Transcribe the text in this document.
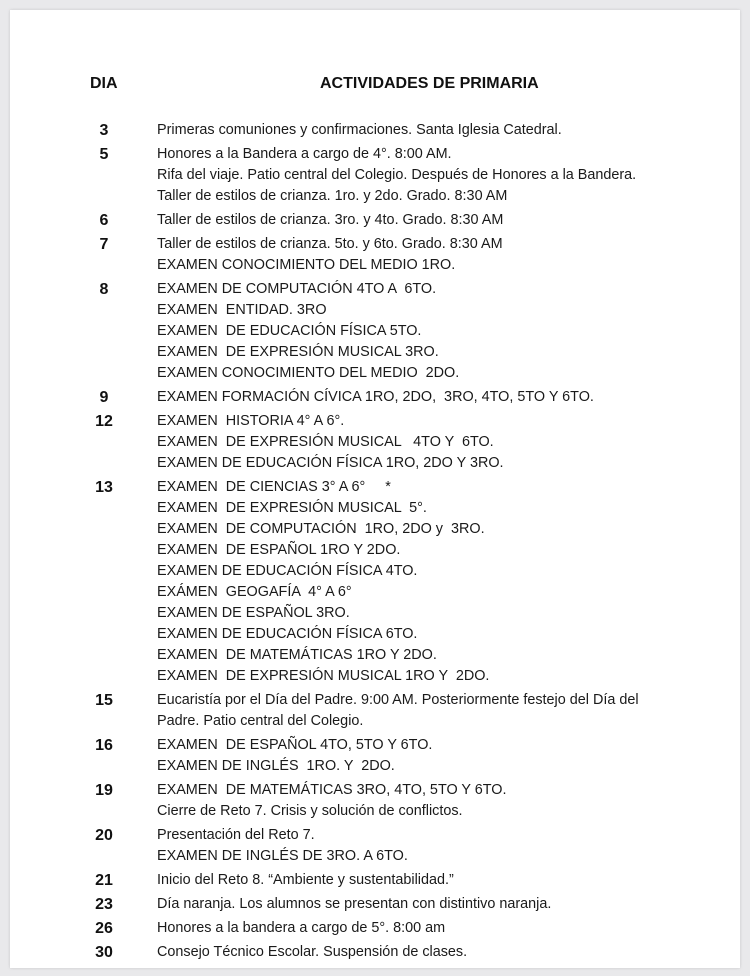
DIA	ACTIVIDADES DE PRIMARIA
3	Primeras comuniones y confirmaciones. Santa Iglesia Catedral.
5	Honores a la Bandera a cargo de 4°. 8:00 AM.
Rifa del viaje. Patio central del Colegio. Después de Honores a la Bandera.
Taller de estilos de crianza. 1ro. y 2do. Grado. 8:30 AM
6	Taller de estilos de crianza. 3ro. y 4to. Grado. 8:30 AM
7	Taller de estilos de crianza. 5to. y 6to. Grado. 8:30 AM
EXAMEN CONOCIMIENTO DEL MEDIO 1RO.
8	EXAMEN DE COMPUTACIÓN 4TO A  6TO.
EXAMEN  ENTIDAD. 3RO
EXAMEN  DE EDUCACIÓN FÍSICA 5TO.
EXAMEN  DE EXPRESIÓN MUSICAL 3RO.
EXAMEN CONOCIMIENTO DEL MEDIO  2DO.
9	EXAMEN FORMACIÓN CÍVICA 1RO, 2DO,  3RO, 4TO, 5TO Y 6TO.
12	EXAMEN  HISTORIA 4° A 6°.
EXAMEN  DE EXPRESIÓN MUSICAL   4TO Y  6TO.
EXAMEN DE EDUCACIÓN FÍSICA 1RO, 2DO Y 3RO.
13	EXAMEN  DE CIENCIAS 3° A 6°     *
EXAMEN  DE EXPRESIÓN MUSICAL  5°.
EXAMEN  DE COMPUTACIÓN  1RO, 2DO y  3RO.
EXAMEN  DE ESPAÑOL 1RO Y 2DO.
EXAMEN DE EDUCACIÓN FÍSICA 4TO.
EXÁMEN  GEOGAFÍA  4° A 6°
EXAMEN DE ESPAÑOL 3RO.
EXAMEN DE EDUCACIÓN FÍSICA 6TO.
EXAMEN  DE MATEMÁTICAS 1RO Y 2DO.
EXAMEN  DE EXPRESIÓN MUSICAL 1RO Y  2DO.
15	Eucaristía por el Día del Padre. 9:00 AM. Posteriormente festejo del Día del
Padre. Patio central del Colegio.
16	EXAMEN  DE ESPAÑOL 4TO, 5TO Y 6TO.
EXAMEN DE INGLÉS  1RO. Y  2DO.
19	EXAMEN  DE MATEMÁTICAS 3RO, 4TO, 5TO Y 6TO.
Cierre de Reto 7. Crisis y solución de conflictos.
20	Presentación del Reto 7.
EXAMEN DE INGLÉS DE 3RO. A 6TO.
21	Inicio del Reto 8. “Ambiente y sustentabilidad.”
23	Día naranja. Los alumnos se presentan con distintivo naranja.
26	Honores a la bandera a cargo de 5°. 8:00 am
30	Consejo Técnico Escolar. Suspensión de clases.
